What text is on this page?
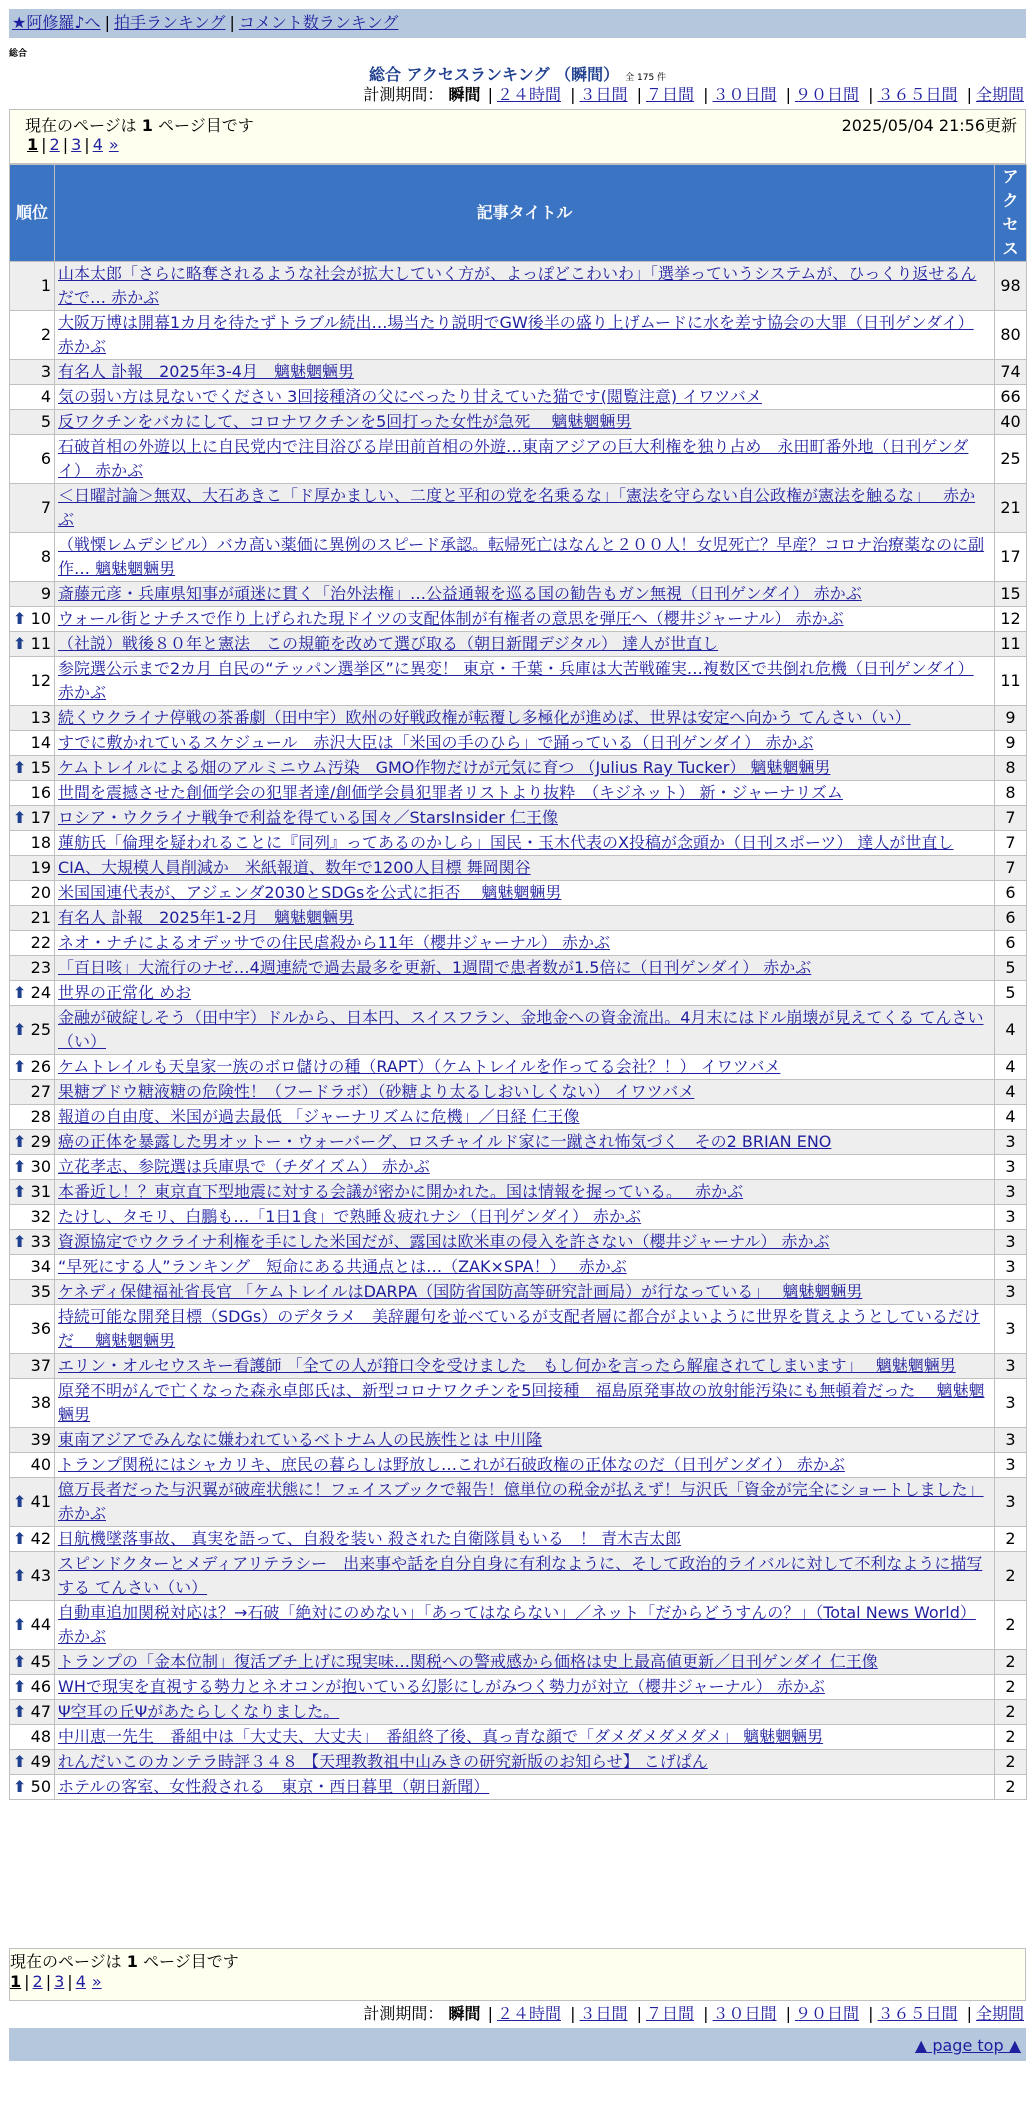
★阿修羅♪へ | 拍手ランキング | コメント数ランキング
総合
総合 アクセスランキング （瞬間） 全 175 件
計測期間： 瞬間 | ２４時間 | ３日間 | ７日間 | ３０日間 | ９０日間 | ３６５日間 | 全期間
現在のページは 1 ページ目です	2025/05/04 21:56更新
1 | 2 | 3 | 4 »
順位	記事タイトル	アクセス
1	山本太郎「さらに略奪されるような社会が拡大していく方が、よっぽどこわいわ」「選挙っていうシステムが、ひっくり返せるんだで… 赤かぶ	98
2	大阪万博は開幕1カ月を待たずトラブル続出…場当たり説明でGW後半の盛り上げムードに水を差す協会の大罪（日刊ゲンダイ） 赤かぶ	80
3	有名人 訃報　2025年3-4月　魑魅魍魎男	74
4	気の弱い方は見ないでください 3回接種済の父にべったり甘えていた猫です(閲覧注意) イワツバメ	66
5	反ワクチンをバカにして、コロナワクチンを5回打った女性が急死　 魑魅魍魎男	40
6	石破首相の外遊以上に自民党内で注目浴びる岸田前首相の外遊…東南アジアの巨大利権を独り占め　永田町番外地（日刊ゲンダイ） 赤かぶ	25
7	＜日曜討論＞無双、大石あきこ「ド厚かましい、二度と平和の党を名乗るな」「憲法を守らない自公政権が憲法を触るな」　 赤かぶ	21
8	（戦慄レムデシビル）バカ高い薬価に異例のスピード承認。転帰死亡はなんと２００人！女児死亡？早産？コロナ治療薬なのに副作… 魑魅魍魎男	17
9	斎藤元彦・兵庫県知事が頑迷に貫く「治外法権」…公益通報を巡る国の勧告もガン無視（日刊ゲンダイ） 赤かぶ	15

⬆ 10	ウォール街とナチスで作り上げられた現ドイツの支配体制が有権者の意思を弾圧へ（櫻井ジャーナル） 赤かぶ	12

⬆ 11	（社説）戦後８０年と憲法　この規範を改めて選び取る（朝日新聞デジタル） 達人が世直し	11
12	参院選公示まで2カ月 自民の“テッパン選挙区”に異変！ 東京・千葉・兵庫は大苦戦確実…複数区で共倒れ危機（日刊ゲンダイ） 赤かぶ	11
13	続くウクライナ停戦の茶番劇（田中宇）欧州の好戦政権が転覆し多極化が進めば、世界は安定へ向かう てんさい（い）	9
14	すでに敷かれているスケジュール　赤沢大臣は「米国の手のひら」で踊っている（日刊ゲンダイ） 赤かぶ	9

⬆ 15	ケムトレイルによる畑のアルミニウム汚染　GMO作物だけが元気に育つ （Julius Ray Tucker） 魑魅魍魎男	8
16	世間を震撼させた創価学会の犯罪者達/創価学会員犯罪者リストより抜粋　（キジネット） 新・ジャーナリズム	8

⬆ 17	ロシア・ウクライナ戦争で利益を得ている国々／StarsInsider 仁王像	7
18	蓮舫氏「倫理を疑われることに『同列』ってあるのかしら」国民・玉木代表のX投稿が念頭か（日刊スポーツ） 達人が世直し	7
19	CIA、大規模人員削減か　米紙報道、数年で1200人目標 舞岡関谷	7
20	米国国連代表が、アジェンダ2030とSDGsを公式に拒否　 魑魅魍魎男	6
21	有名人 訃報　2025年1-2月　魑魅魍魎男	6
22	ネオ・ナチによるオデッサでの住民虐殺から11年（櫻井ジャーナル） 赤かぶ	6
23	「百日咳」大流行のナゼ…4週連続で過去最多を更新、1週間で患者数が1.5倍に（日刊ゲンダイ） 赤かぶ	5

⬆ 24	世界の正常化 めお	5

⬆ 25	金融が破綻しそう（田中宇）ドルから、日本円、スイスフラン、金地金への資金流出。4月末にはドル崩壊が見えてくる てんさい（い）	4

⬆ 26	ケムトレイルも天皇家一族のボロ儲けの種（RAPT）（ケムトレイルを作ってる会社？！） イワツバメ	4
27	果糖ブドウ糖液糖の危険性！（フードラボ）（砂糖より太るしおいしくない） イワツバメ	4
28	報道の自由度、米国が過去最低 「ジャーナリズムに危機」／日経 仁王像	4

⬆ 29	癌の正体を暴露した男オットー・ウォーバーグ、ロスチャイルド家に一蹴され怖気づく　その2 BRIAN ENO	3

⬆ 30	立花孝志、参院選は兵庫県で（チダイズム） 赤かぶ	3

⬆ 31	本番近し！？東京直下型地震に対する会議が密かに開かれた。国は情報を握っている。　 赤かぶ	3
32	たけし、タモリ、白鵬も…「1日1食」で熟睡＆疲れナシ（日刊ゲンダイ） 赤かぶ	3

⬆ 33	資源協定でウクライナ利権を手にした米国だが、露国は欧米車の侵入を許さない（櫻井ジャーナル） 赤かぶ	3
34	“早死にする人”ランキング　短命にある共通点とは…（ZAK×SPA！）　 赤かぶ	3
35	ケネディ保健福祉省長官 「ケムトレイルはDARPA（国防省国防高等研究計画局）が行なっている」　 魑魅魍魎男	3
36	持続可能な開発目標（SDGs）のデタラメ　美辞麗句を並べているが支配者層に都合がよいように世界を貰えようとしているだけだ　 魑魅魍魎男	3
37	エリン・オルセウスキー看護師 「全ての人が箝口令を受けました　もし何かを言ったら解雇されてしまいます」　 魑魅魍魎男	3
38	原発不明がんで亡くなった森永卓郎氏は、新型コロナワクチンを5回接種　福島原発事故の放射能汚染にも無頓着だった　 魑魅魍魎男	3
39	東南アジアでみんなに嫌われているベトナム人の民族性とは 中川隆	3
40	トランプ関税にはシャカリキ、庶民の暮らしは野放し…これが石破政権の正体なのだ（日刊ゲンダイ） 赤かぶ	3

⬆ 41	億万長者だった与沢翼が破産状態に！フェイスブックで報告！億単位の税金が払えず！与沢氏「資金が完全にショートしました」 赤かぶ	3

⬆ 42	日航機墜落事故、 真実を語って、自殺を装い 殺された自衛隊員もいる　！ 青木吉太郎	2

⬆ 43	スピンドクターとメディアリテラシー　出来事や話を自分自身に有利なように、そして政治的ライバルに対して不利なように描写する てんさい（い）	2

⬆ 44	自動車追加関税対応は？→石破「絶対にのめない」「あってはならない」／ネット「だからどうすんの？」（Total News World） 赤かぶ	2

⬆ 45	トランプの「金本位制」復活ブチ上げに現実味…関税への警戒感から価格は史上最高値更新／日刊ゲンダイ 仁王像	2

⬆ 46	WHで現実を直視する勢力とネオコンが抱いている幻影にしがみつく勢力が対立（櫻井ジャーナル） 赤かぶ	2

⬆ 47	Ψ空耳の丘Ψがあたらしくなりました。	2
48	中川恵一先生　番組中は「大丈夫、大丈夫」　番組終了後、真っ青な顔で「ダメダメダメダメ」 魑魅魍魎男	2

⬆ 49	れんだいこのカンテラ時評３４８ 【天理教教祖中山みきの研究新版のお知らせ】 こげぱん	2

⬆ 50	ホテルの客室、女性殺される　東京・西日暮里（朝日新聞）	2
現在のページは 1 ページ目です
1 | 2 | 3 | 4 »
計測期間： 瞬間 | ２４時間 | ３日間 | ７日間 | ３０日間 | ９０日間 | ３６５日間 | 全期間
▲ page top ▲
